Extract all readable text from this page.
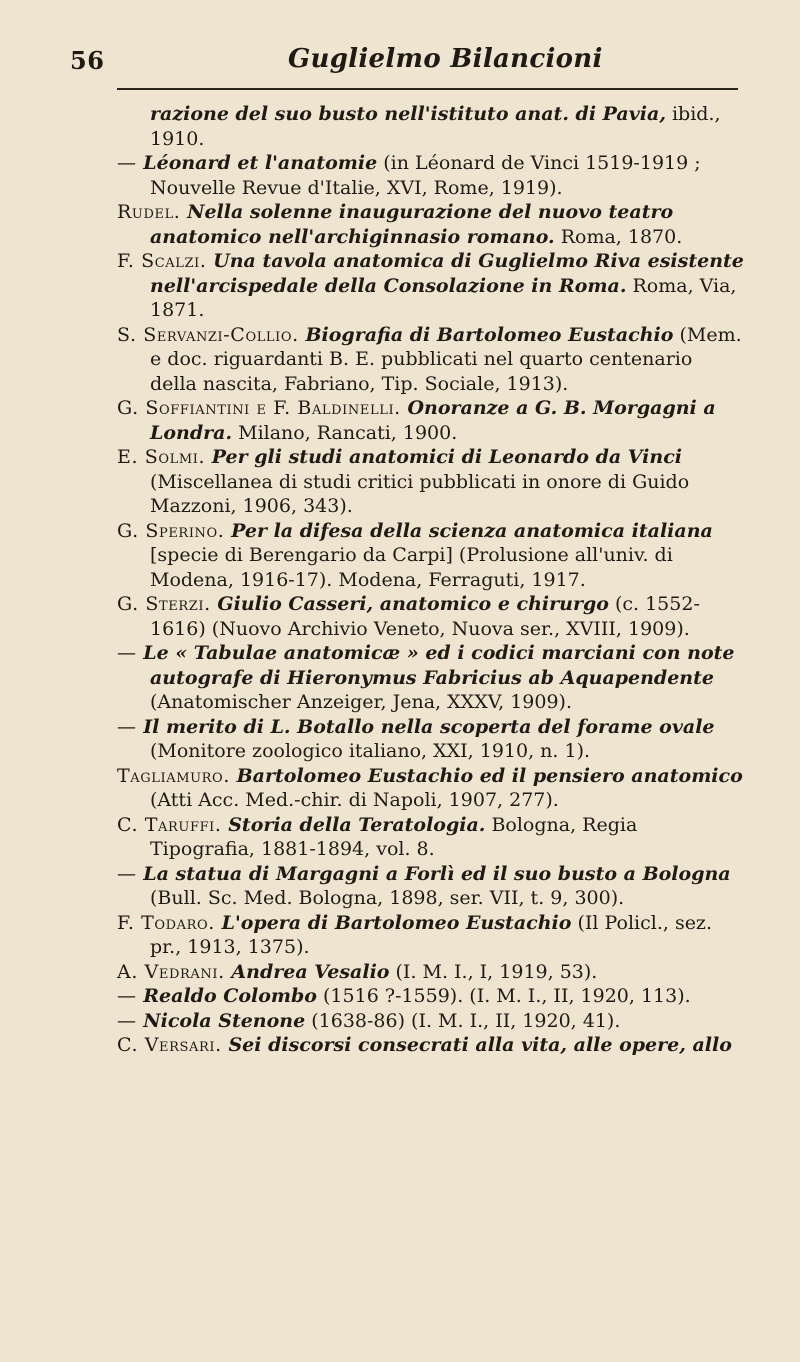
56	Guglielmo Bilancioni

razione del suo busto nell'istituto anat. di Pavia, ibid., 1910.

— Léonard et l'anatomie (in Léonard de Vinci 1519-1919 ; Nouvelle Revue d'Italie, XVI, Rome, 1919).

Rudel. Nella solenne inaugurazione del nuovo teatro anatomico nell'archiginnasio romano. Roma, 1870.

F. Scalzi. Una tavola anatomica di Guglielmo Riva esistente nell'arcispedale della Consolazione in Roma. Roma, Via, 1871.

S. Servanzi-Collio. Biografia di Bartolomeo Eustachio (Mem. e doc. riguardanti B. E. pubblicati nel quarto centenario della nascita, Fabriano, Tip. Sociale, 1913).

G. Soffiantini e F. Baldinelli. Onoranze a G. B. Morgagni a Londra. Milano, Rancati, 1900.

E. Solmi. Per gli studi anatomici di Leonardo da Vinci (Miscellanea di studi critici pubblicati in onore di Guido Mazzoni, 1906, 343).

G. Sperino. Per la difesa della scienza anatomica italiana [specie di Berengario da Carpi] (Prolusione all'univ. di Modena, 1916-17). Modena, Ferraguti, 1917.

G. Sterzi. Giulio Casseri, anatomico e chirurgo (c. 1552-1616) (Nuovo Archivio Veneto, Nuova ser., XVIII, 1909).

— Le « Tabulae anatomicæ » ed i codici marciani con note autografe di Hieronymus Fabricius ab Aquapendente (Anatomischer Anzeiger, Jena, XXXV, 1909).

— Il merito di L. Botallo nella scoperta del forame ovale (Monitore zoologico italiano, XXI, 1910, n. 1).

Tagliamuro. Bartolomeo Eustachio ed il pensiero anatomico (Atti Acc. Med.-chir. di Napoli, 1907, 277).

C. Taruffi. Storia della Teratologia. Bologna, Regia Tipografia, 1881-1894, vol. 8.

— La statua di Margagni a Forlì ed il suo busto a Bologna (Bull. Sc. Med. Bologna, 1898, ser. VII, t. 9, 300).

F. Todaro. L'opera di Bartolomeo Eustachio (Il Policl., sez. pr., 1913, 1375).

A. Vedrani. Andrea Vesalio (I. M. I., I, 1919, 53).

— Realdo Colombo (1516 ?-1559). (I. M. I., II, 1920, 113).

— Nicola Stenone (1638-86) (I. M. I., II, 1920, 41).

C. Versari. Sei discorsi consecrati alla vita, alle opere, allo
